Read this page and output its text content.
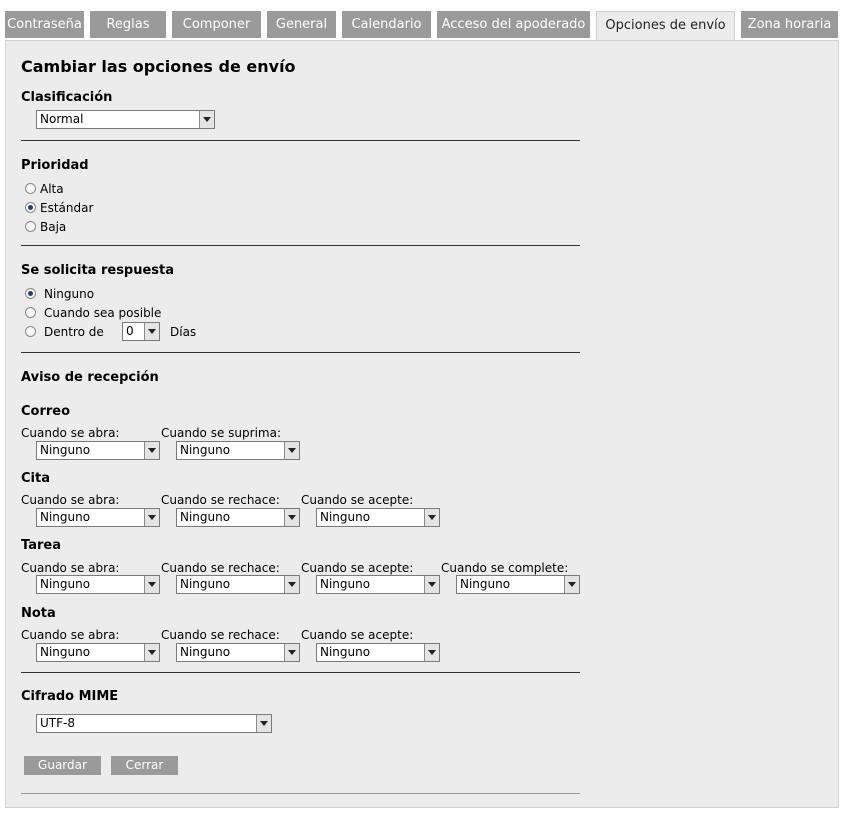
Contraseña	Reglas	Componer	General	Calendario	Acceso del apoderado	Opciones de envío	Zona horaria
Cambiar las opciones de envío
Clasificación
Normal
Prioridad
Alta
Estándar
Baja
Se solicita respuesta
Ninguno
Cuando sea posible
Dentro de	0	Días
Aviso de recepción
Correo
Cuando se abra:	Cuando se suprima:
Ninguno	Ninguno
Cita
Cuando se abra:	Cuando se rechace: Cuando se acepte:
Ninguno	Ninguno	Ninguno
Tarea
Cuando se abra:	Cuando se rechace: Cuando se acepte: Cuando se complete:
Ninguno	Ninguno	Ninguno	Ninguno
Nota
Cuando se abra:	Cuando se rechace: Cuando se acepte:
Ninguno	Ninguno	Ninguno
Cifrado MIME
UTF-8
Guardar	Cerrar
